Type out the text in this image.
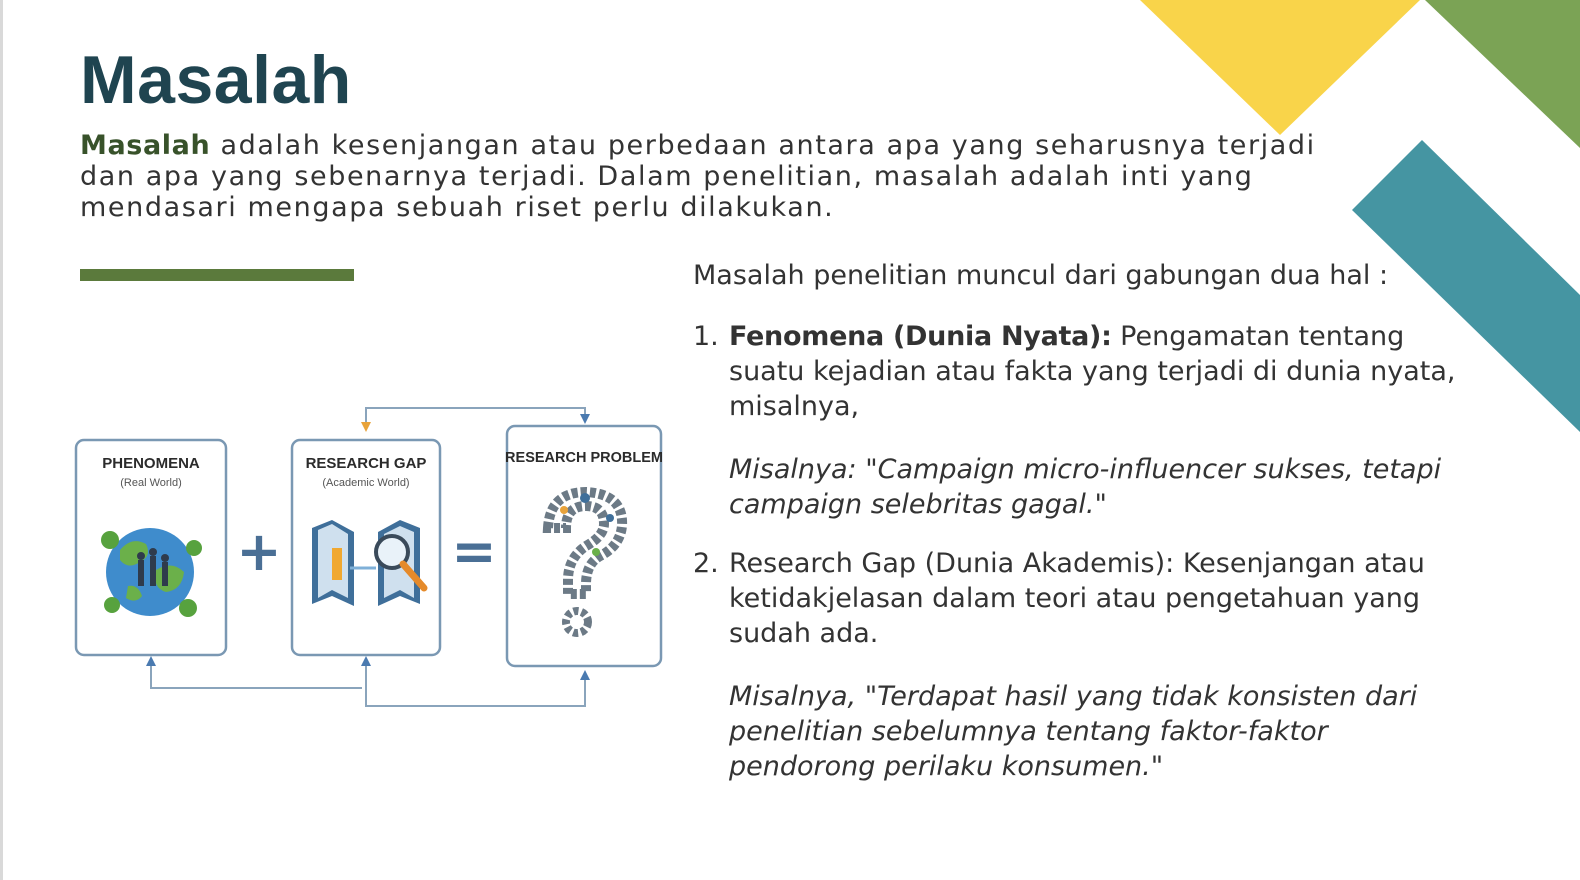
Masalah

Masalah adalah kesenjangan atau perbedaan antara apa yang seharusnya terjadi dan apa yang sebenarnya terjadi. Dalam penelitian, masalah adalah inti yang mendasari mengapa sebuah riset perlu dilakukan.

PHENOMENA
(Real World)
+
RESEARCH GAP
(Academic World)
=
RESEARCH PROBLEM

Masalah penelitian muncul dari gabungan dua hal :

1. Fenomena (Dunia Nyata): Pengamatan tentang suatu kejadian atau fakta yang terjadi di dunia nyata, misalnya,
Misalnya: "Campaign micro-influencer sukses, tetapi campaign selebritas gagal."
2. Research Gap (Dunia Akademis): Kesenjangan atau ketidakjelasan dalam teori atau pengetahuan yang sudah ada.
Misalnya, "Terdapat hasil yang tidak konsisten dari penelitian sebelumnya tentang faktor-faktor pendorong perilaku konsumen."
